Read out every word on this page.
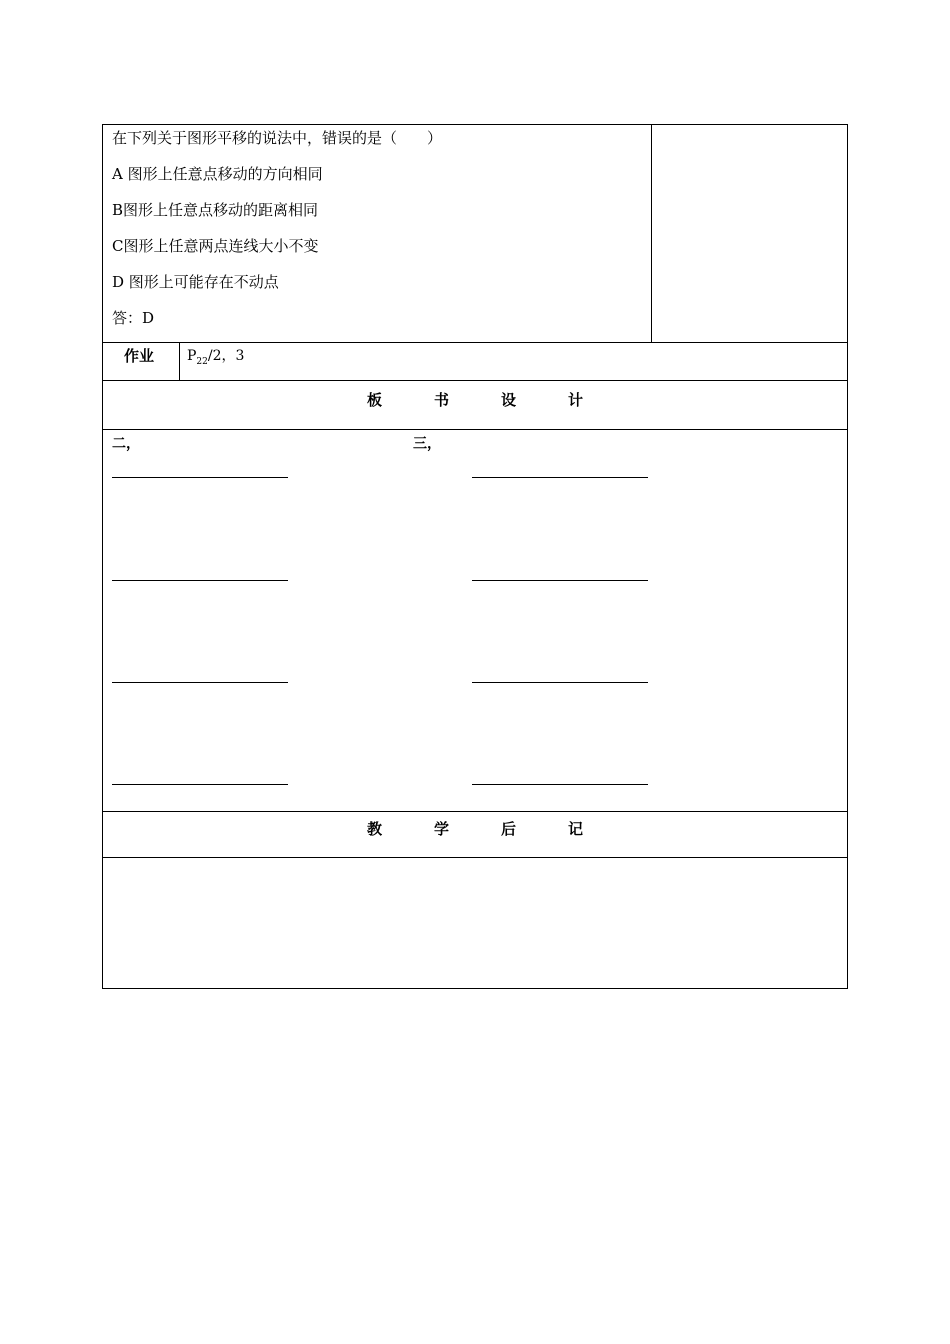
在下列关于图形平移的说法中，错误的是（　　）
A 图形上任意点移动的方向相同
B图形上任意点移动的距离相同
C图形上任意两点连线大小不变
D 图形上可能存在不动点
答：D
作业 $P_{22}/2$，3
板	书	设	计
二，	三，
教	学	后	记
